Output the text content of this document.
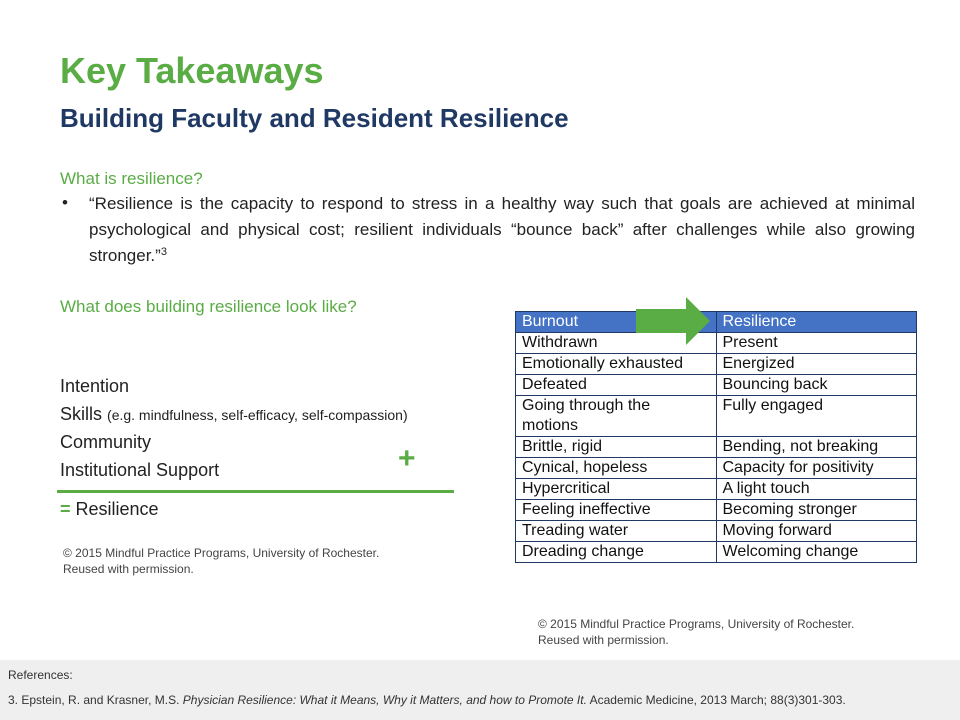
Key Takeaways
Building Faculty and Resident Resilience
What is resilience?
• “Resilience is the capacity to respond to stress in a healthy way such that goals are achieved at minimal psychological and physical cost; resilient individuals “bounce back” after challenges while also growing stronger.”$^3$
What does building resilience look like?
Intention
Skills (e.g. mindfulness, self-efficacy, self-compassion)
Community
Institutional Support	+
= Resilience
© 2015 Mindful Practice Programs, University of Rochester.
Reused with permission.
Burnout	Resilience
Withdrawn	Present
Emotionally exhausted	Energized
Defeated	Bouncing back
Going through the motions	Fully engaged
Brittle, rigid	Bending, not breaking
Cynical, hopeless	Capacity for positivity
Hypercritical	A light touch
Feeling ineffective	Becoming stronger
Treading water	Moving forward
Dreading change	Welcoming change
© 2015 Mindful Practice Programs, University of Rochester.
Reused with permission.
References:
3. Epstein, R. and Krasner, M.S. Physician Resilience: What it Means, Why it Matters, and how to Promote It. Academic Medicine, 2013 March; 88(3)301-303.
